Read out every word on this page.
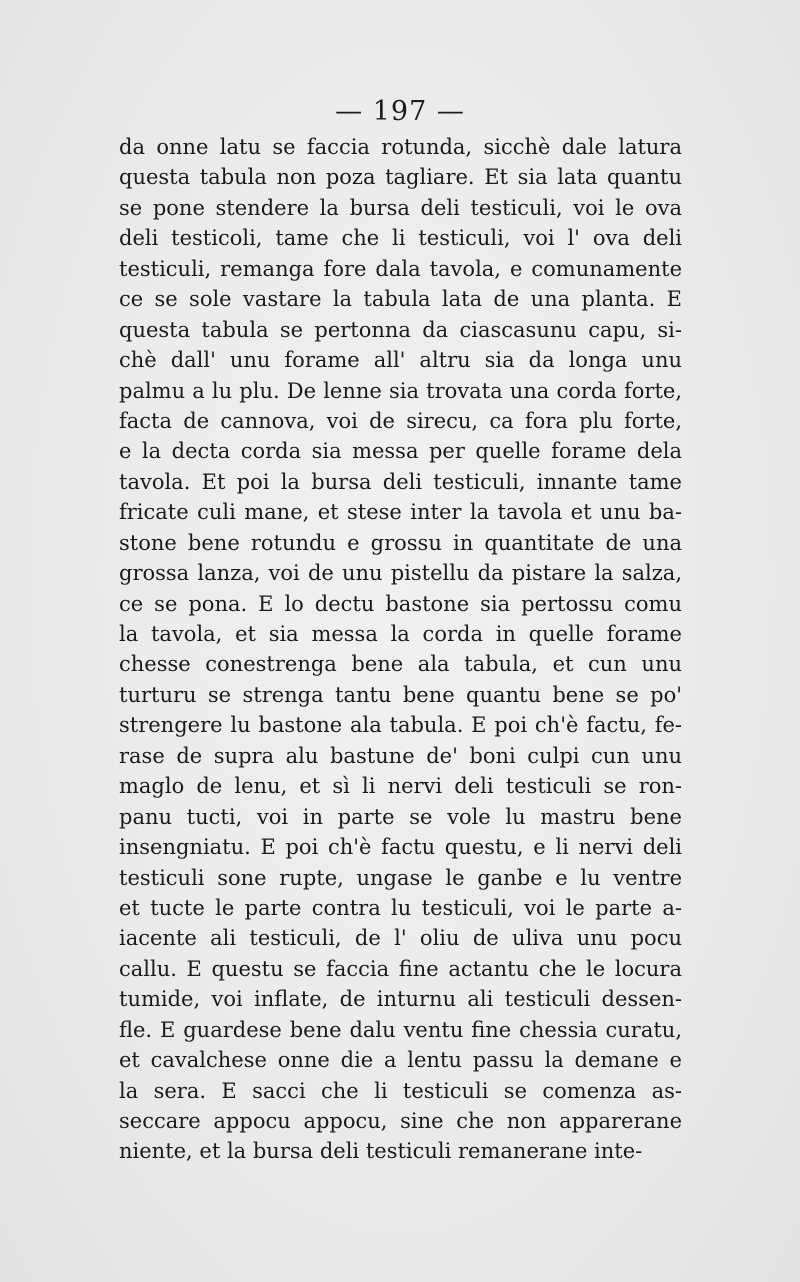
— 197 —
da onne latu se faccia rotunda, sicchè dale latura
questa tabula non poza tagliare. Et sia lata quantu
se pone stendere la bursa deli testiculi, voi le ova
deli testicoli, tame che li testiculi, voi l' ova deli
testiculi, remanga fore dala tavola, e comunamente
ce se sole vastare la tabula lata de una planta. E
questa tabula se pertonna da ciascasunu capu, si-
chè dall' unu forame all' altru sia da longa unu
palmu a lu plu. De lenne sia trovata una corda forte,
facta de cannova, voi de sirecu, ca fora plu forte,
e la decta corda sia messa per quelle forame dela
tavola. Et poi la bursa deli testiculi, innante tame
fricate culi mane, et stese inter la tavola et unu ba-
stone bene rotundu e grossu in quantitate de una
grossa lanza, voi de unu pistellu da pistare la salza,
ce se pona. E lo dectu bastone sia pertossu comu
la tavola, et sia messa la corda in quelle forame
chesse conestrenga bene ala tabula, et cun unu
turturu se strenga tantu bene quantu bene se po'
strengere lu bastone ala tabula. E poi ch'è factu, fe-
rase de supra alu bastune de' boni culpi cun unu
maglo de lenu, et sì li nervi deli testiculi se ron-
panu tucti, voi in parte se vole lu mastru bene
insengniatu. E poi ch'è factu questu, e li nervi deli
testiculi sone rupte, ungase le ganbe e lu ventre
et tucte le parte contra lu testiculi, voi le parte a-
iacente ali testiculi, de l' oliu de uliva unu pocu
callu. E questu se faccia fine actantu che le locura
tumide, voi inflate, de inturnu ali testiculi dessen-
fle. E guardese bene dalu ventu fine chessia curatu,
et cavalchese onne die a lentu passu la demane e
la sera. E sacci che li testiculi se comenza as-
seccare appocu appocu, sine che non apparerane
niente, et la bursa deli testiculi remanerane inte-
